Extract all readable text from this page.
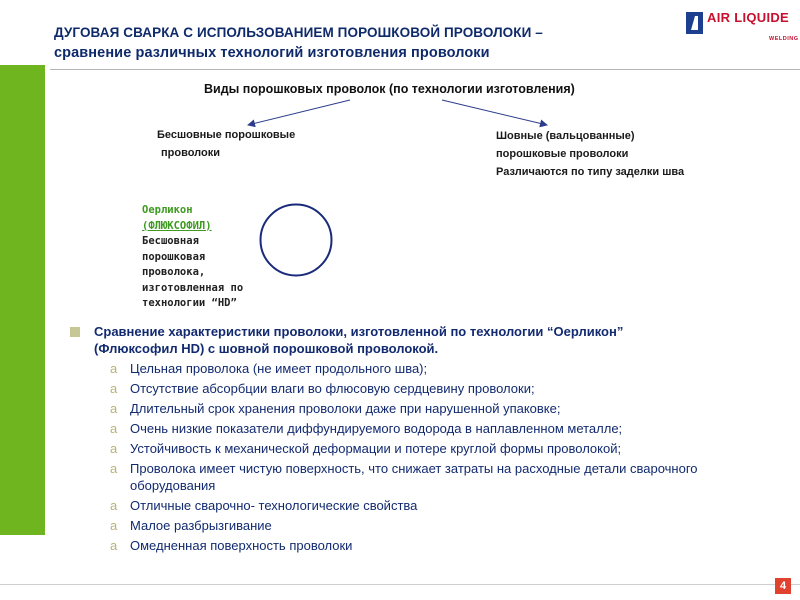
ДУГОВАЯ СВАРКА С ИСПОЛЬЗОВАНИЕМ ПОРОШКОВОЙ ПРОВОЛОКИ –
сравнение различных технологий изготовления проволоки
AIR LIQUIDE
WELDING
Виды порошковых проволок (по технологии изготовления)
Бесшовные порошковые
проволоки
Шовные (вальцованные)
порошковые проволоки
Различаются по типу заделки шва
Оерликон
(ФЛЮКСОФИЛ)
Бесшовная
порошковая
проволока,
изготовленная по
технологии “HD”
Сравнение характеристики проволоки, изготовленной по технологии “Оерликон”
(Флюксофил HD) с шовной порошковой проволокой.
a Цельная проволока (не имеет продольного шва);
a Отсутствие абсорбции влаги во флюсовую сердцевину проволоки;
a Длительный срок хранения проволоки даже при нарушенной упаковке;
a Очень низкие показатели диффундируемого водорода в наплавленном металле;
a Устойчивость к механической деформации и потере круглой формы проволокой;
a Проволока имеет чистую поверхность, что снижает затраты на расходные детали сварочного оборудования
a Отличные сварочно- технологические свойства
a Малое разбрызгивание
a Омедненная поверхность проволоки
4
